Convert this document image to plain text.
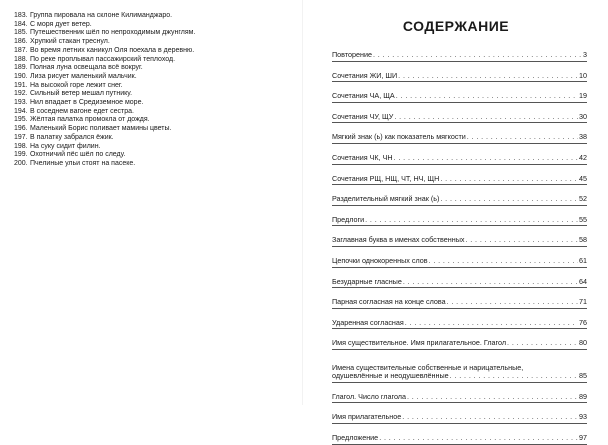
183. Группа пировала на склоне Килиманджаро.
184. С моря дует ветер.
185. Путешественник шёл по непроходимым джунглям.
186. Хрупкий стакан треснул.
187. Во время летних каникул Оля поехала в деревню.
188. По реке проплывал пассажирский теплоход.
189. Полная луна освещала всё вокруг.
190. Лиза рисует маленький мальчик.
191. На высокой горе лежит снег.
192. Сильный ветер мешал путнику.
193. Нил впадает в Средиземное море.
194. В соседнем вагоне едет сестра.
195. Жёлтая палатка промокла от дождя.
196. Маленький Борис поливает мамины цветы.
197. В палатку забрался ёжик.
198. На суку сидит филин.
199. Охотничий пёс шёл по следу.
200. Пчелиные ульи стоят на пасеке.
СОДЕРЖАНИЕ
Повторение . . .	3
Сочетания ЖИ, ШИ . . .	10
Сочетания ЧА, ЩА . . .	19
Сочетания ЧУ, ЩУ . . .	30
Мягкий знак (ь) как показатель мягкости . . .	38
Сочетания ЧК, ЧН . . .	42
Сочетания РЩ, НЩ, ЧТ, НЧ, ЩН . . .	45
Разделительный мягкий знак (ь) . . .	52
Предлоги . . .	55
Заглавная буква в именах собственных . . .	58
Цепочки однокоренных слов . . .	61
Безударные гласные . . .	64
Парная согласная на конце слова . . .	71
Ударенная согласная . . .	76
Имя существительное. Имя прилагательное. Глагол . . .	80
Имена существительные собственные и нарицательные,
одушевлённые и неодушевлённые . . .	85
Глагол. Число глагола . . .	89
Имя прилагательное . . .	93
Предложение . . .	97
